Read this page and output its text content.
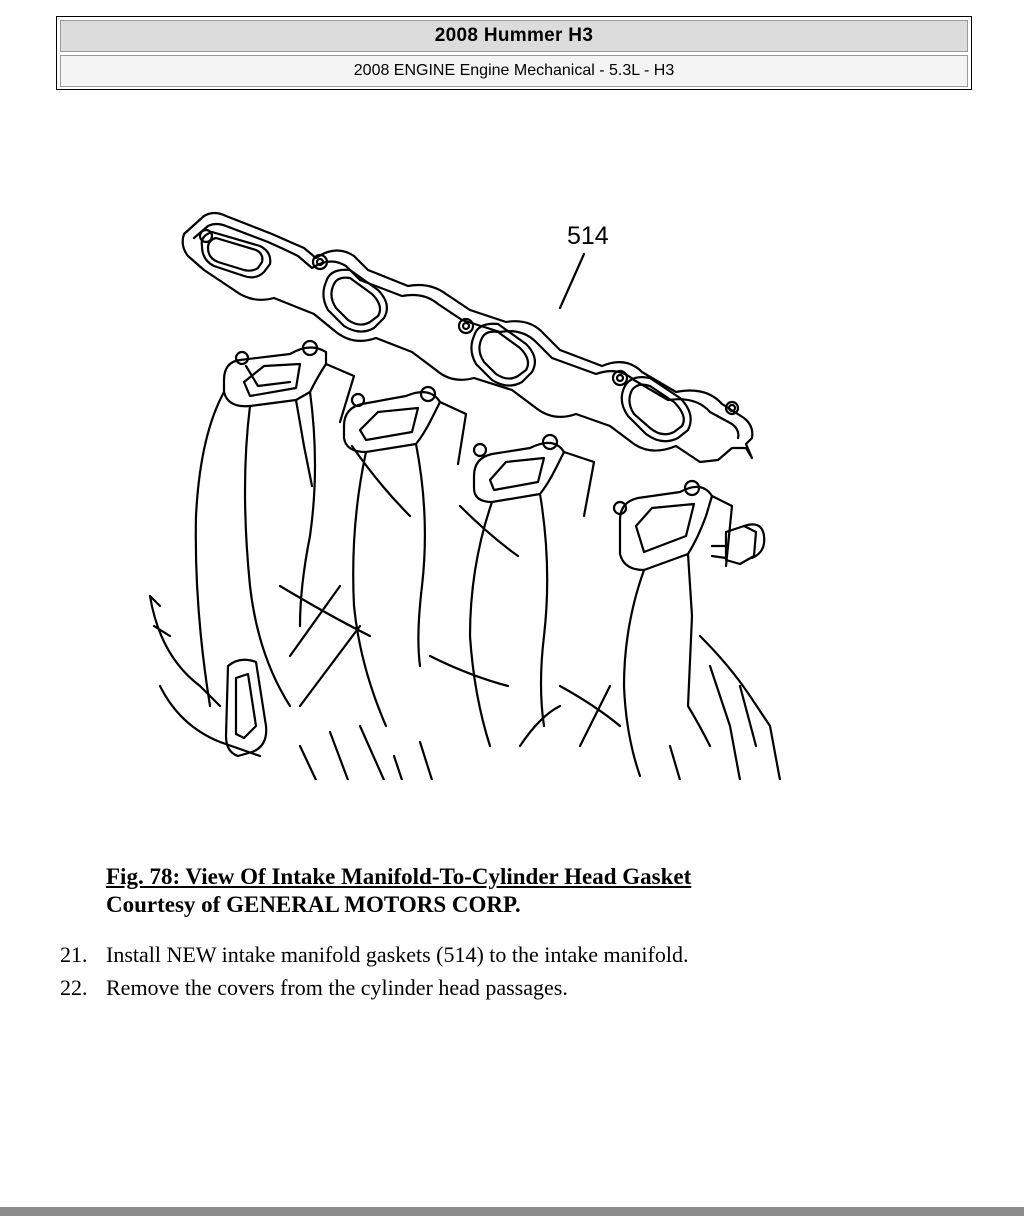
2008 Hummer H3
2008 ENGINE Engine Mechanical - 5.3L - H3
514
Fig. 78: View Of Intake Manifold-To-Cylinder Head Gasket
Courtesy of GENERAL MOTORS CORP.
21. Install NEW intake manifold gaskets (514) to the intake manifold.
22. Remove the covers from the cylinder head passages.
